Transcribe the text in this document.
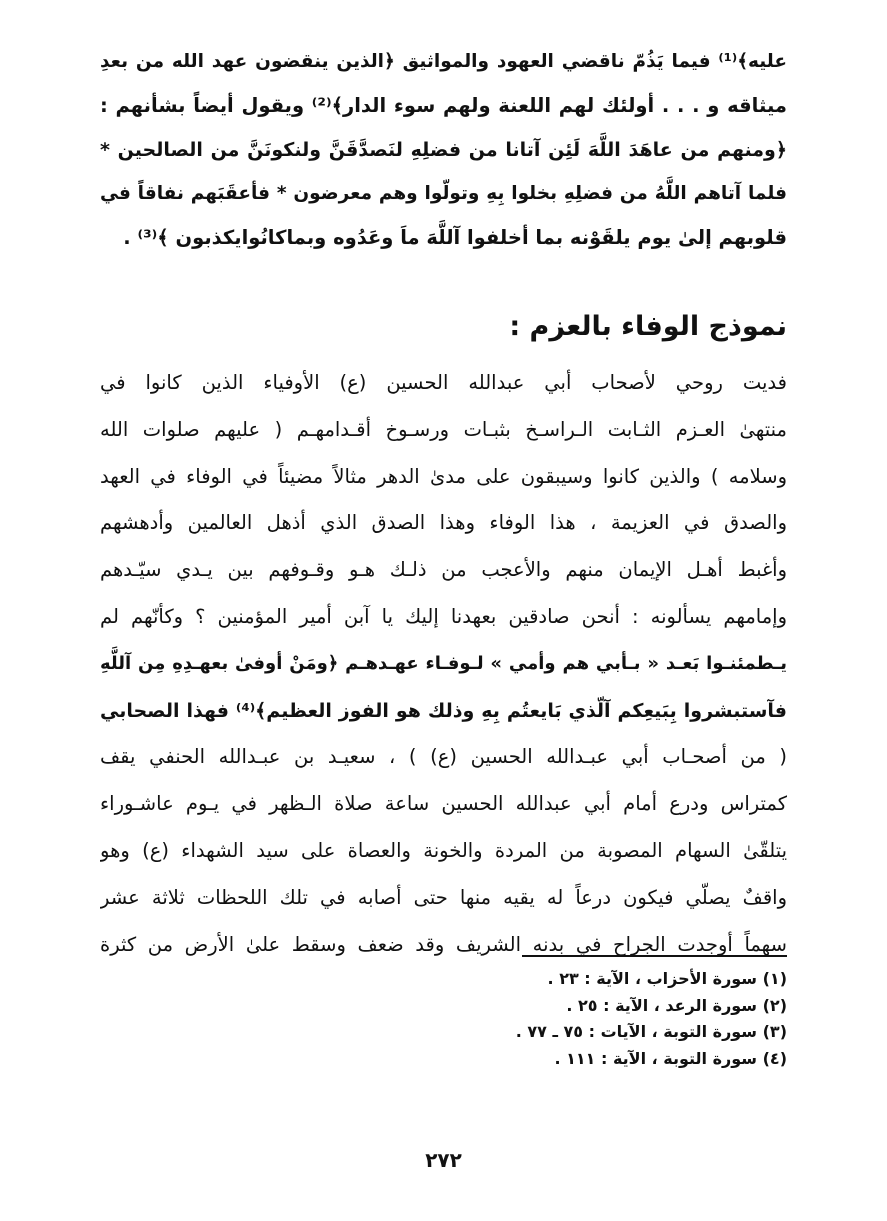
عليه﴾⁽¹⁾ فيما يَذُمّ ناقضي العهود والمواثيق ﴿الذين ينقضون عهد الله من بعدِ
ميثاقه و . . . أولئك لهم اللعنة ولهم سوء الدار﴾⁽²⁾ ويقول أيضاً بشأنهم :
﴿ومنهم من عاهَدَ اللَّهَ لَئِن آتانا من فضلِهِ لنَصدَّقَنَّ ولنكونَنَّ من الصالحين *
فلما آتاهم اللَّهُ من فضلِهِ بخلوا بِهِ وتولّوا وهم معرضون * فأعقَبَهم نفاقاً في
قلوبهم إلىٰ يوم يلقَوْنه بما أخلفوا آللَّهَ ماَ وعَدُوه وبماكانُوايكذبون ﴾⁽³⁾ .
نموذج الوفاء بالعزم :
فديت روحي لأصحاب أبي عبدالله الحسين (ع) الأوفياء الذين كانوا في
منتهىٰ العـزم الثـابت الـراسـخ بثبـات ورسـوخ أقـدامهـم ( عليهم صلوات الله
وسلامه ) والذين كانوا وسيبقون على مدىٰ الدهر مثالاً مضيئاً في الوفاء في العهد
والصدق في العزيمة ، هذا الوفاء وهذا الصدق الذي أذهل العالمين وأدهشهم
وأغبط أهـل الإيمان منهم والأعجب من ذلـك هـو وقـوفهم بين يـدي سيّـدهم
وإمامهم يسألونه : أنحن صادقين بعهدنا إليك يا آبن أمير المؤمنين ؟ وكأنّهم لم
يـطمئنـوا بَعـد « بـأبي هم وأمي » لـوفـاء عهـدهـم ﴿ومَنْ أوفىٰ بعهـدِهِ مِن آللَّهِ
فآستبشروا بِبَيعِكم آلّذي بَايعتُم بِهِ وذلك هو الفوز العظيم﴾⁽⁴⁾ فهذا الصحابي
( من أصحـاب أبي عبـدالله الحسين (ع) ) ، سعيـد بن عبـدالله الحنفي يقف
كمتراس ودرع أمام أبي عبدالله الحسين ساعة صلاة الـظهر في يـوم عاشـوراء
يتلقّىٰ السهام المصوبة من المردة والخونة والعصاة على سيد الشهداء (ع) وهو
واقفٌ يصلّي فيكون درعاً له يقيه منها حتى أصابه في تلك اللحظات ثلاثة عشر
سهماً أوجدت الجراح في بدنه الشريف وقد ضعف وسقط علىٰ الأرض من كثرة
(١) سورة الأحزاب ، الآية : ٢٣ .
(٢) سورة الرعد ، الآية : ٢٥ .
(٣) سورة التوبة ، الآيات : ٧٥ ـ ٧٧ .
(٤) سورة التوبة ، الآية : ١١١ .
٢٧٢
